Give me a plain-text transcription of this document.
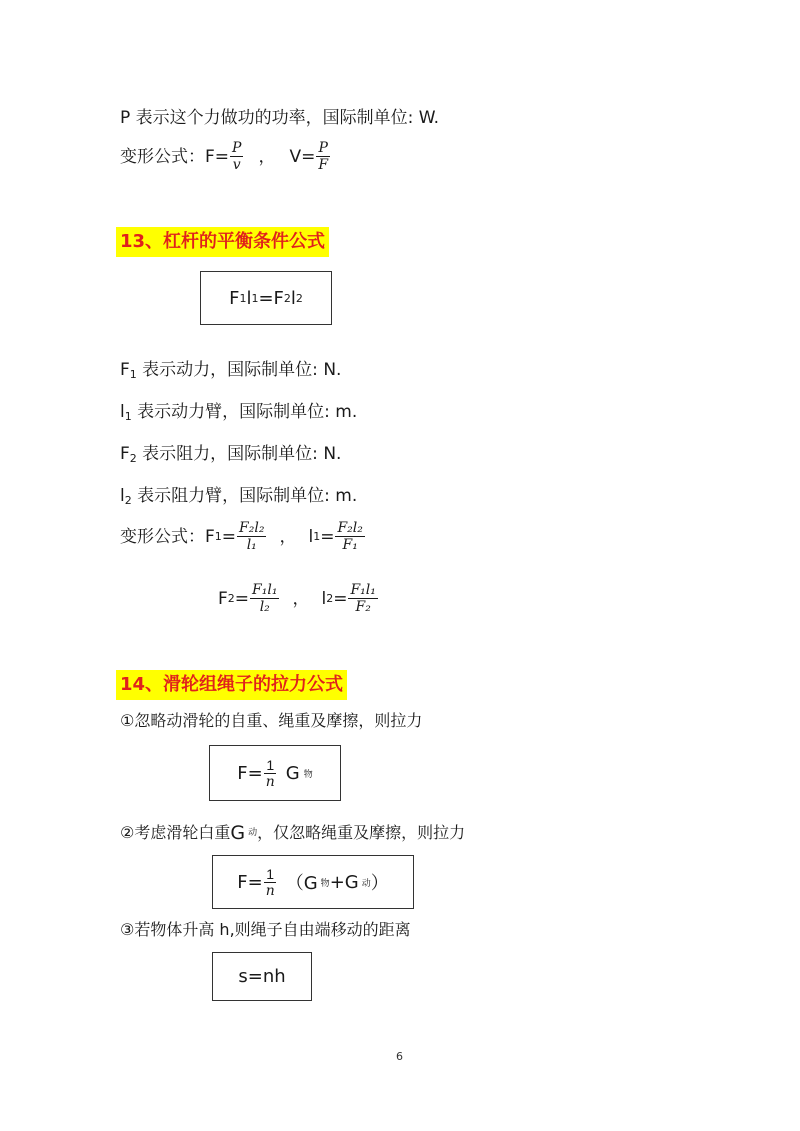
P 表示这个力做功的功率，国际制单位: W.
变形公式： $F= \frac{P}{v}$ ， $V= \frac{P}{F}$
13、杠杆的平衡条件公式
F 1 l 1 =F 2 l 2
$F_1$ 表示动力，国际制单位: N.
$l_1$ 表示动力臂，国际制单位: m.
$F_2$ 表示阻力，国际制单位: N.
$l_2$ 表示阻力臂，国际制单位: m.
变形公式： F $1 = \frac{\text{F₂l₂}}{\text{l₁}}$ ， l $1 = \frac{\text{F₂l₂}}{\text{F₁}}$
F $2 = \frac{\text{F₁l₁}}{\text{l₂}}$ ， l $2 = \frac{\text{F₁l₁}}{\text{F₂}}$
14、滑轮组绳子的拉力公式
①忽略动滑轮的自重、绳重及摩擦，则拉力
$F= \frac{1}{n}$ G 物
②考虑滑轮白重 G 动 ，仅忽略绳重及摩擦，则拉力
$F= \frac{1}{n} (G$ 物 +G 动 ）
③若物体升高 h,则绳子自由端移动的距离
s=nh
6
